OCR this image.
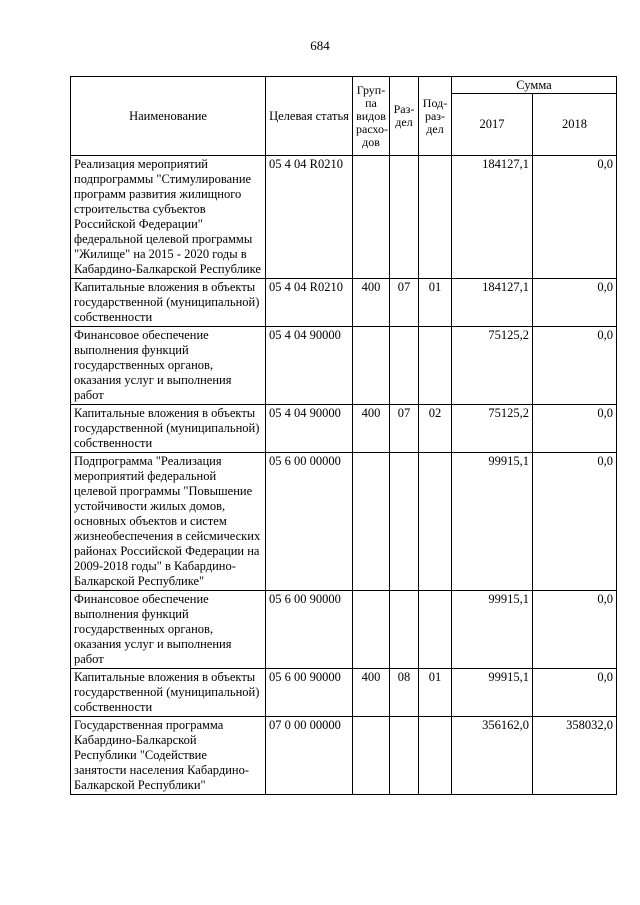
684
Наименование	Целевая статья	Груп-па видов расхо-дов	Раз-дел	Под-раз-дел	Сумма	
					2017	2018
Реализация мероприятий подпрограммы "Стимулирование программ развития жилищного строительства субъектов Российской Федерации" федеральной целевой программы "Жилище" на 2015 - 2020 годы в Кабардино-Балкарской Республике	05 4 04 R0210				184127,1	0,0
Капитальные вложения в объекты государственной (муниципальной) собственности	05 4 04 R0210	400	07	01	184127,1	0,0
Финансовое обеспечение выполнения функций государственных органов, оказания услуг и выполнения работ	05 4 04 90000				75125,2	0,0
Капитальные вложения в объекты государственной (муниципальной) собственности	05 4 04 90000	400	07	02	75125,2	0,0
Подпрограмма "Реализация мероприятий федеральной целевой программы "Повышение устойчивости жилых домов, основных объектов и систем жизнеобеспечения в сейсмических районах Российской Федерации на 2009-2018 годы" в Кабардино-Балкарской Республике"	05 6 00 00000				99915,1	0,0
Финансовое обеспечение выполнения функций государственных органов, оказания услуг и выполнения работ	05 6 00 90000				99915,1	0,0
Капитальные вложения в объекты государственной (муниципальной) собственности	05 6 00 90000	400	08	01	99915,1	0,0
Государственная программа Кабардино-Балкарской Республики "Содействие занятости населения Кабардино-Балкарской Республики"	07 0 00 00000				356162,0	358032,0
